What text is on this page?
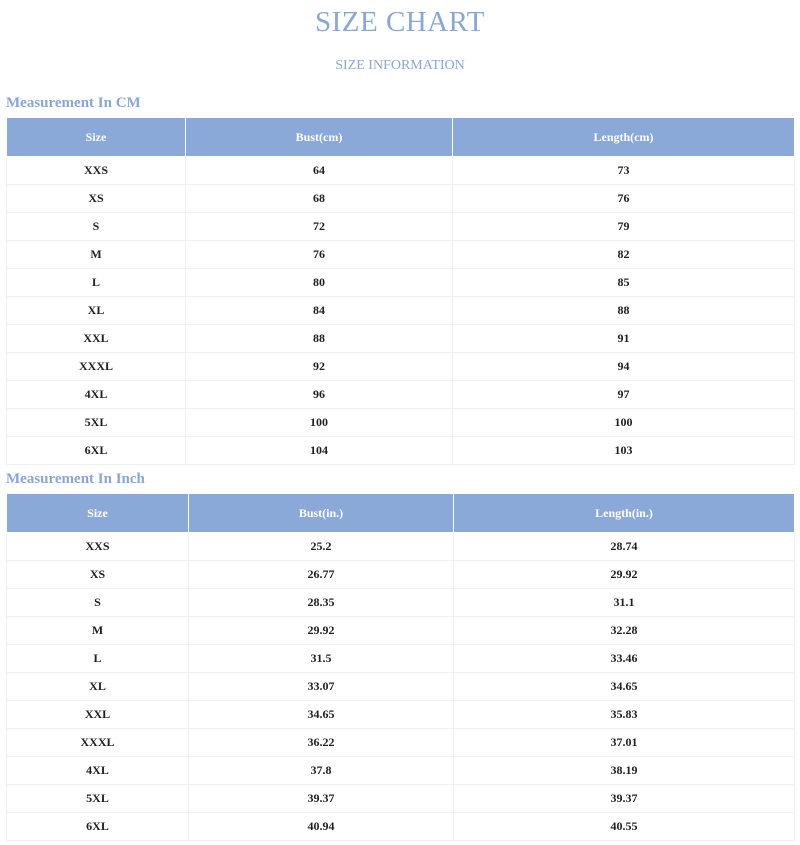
SIZE CHART
SIZE INFORMATION
Measurement In CM
Size	Bust(cm)	Length(cm)
XXS	64	73
XS	68	76
S	72	79
M	76	82
L	80	85
XL	84	88
XXL	88	91
XXXL	92	94
4XL	96	97
5XL	100	100
6XL	104	103
Measurement In Inch
Size	Bust(in.)	Length(in.)
XXS	25.2	28.74
XS	26.77	29.92
S	28.35	31.1
M	29.92	32.28
L	31.5	33.46
XL	33.07	34.65
XXL	34.65	35.83
XXXL	36.22	37.01
4XL	37.8	38.19
5XL	39.37	39.37
6XL	40.94	40.55
